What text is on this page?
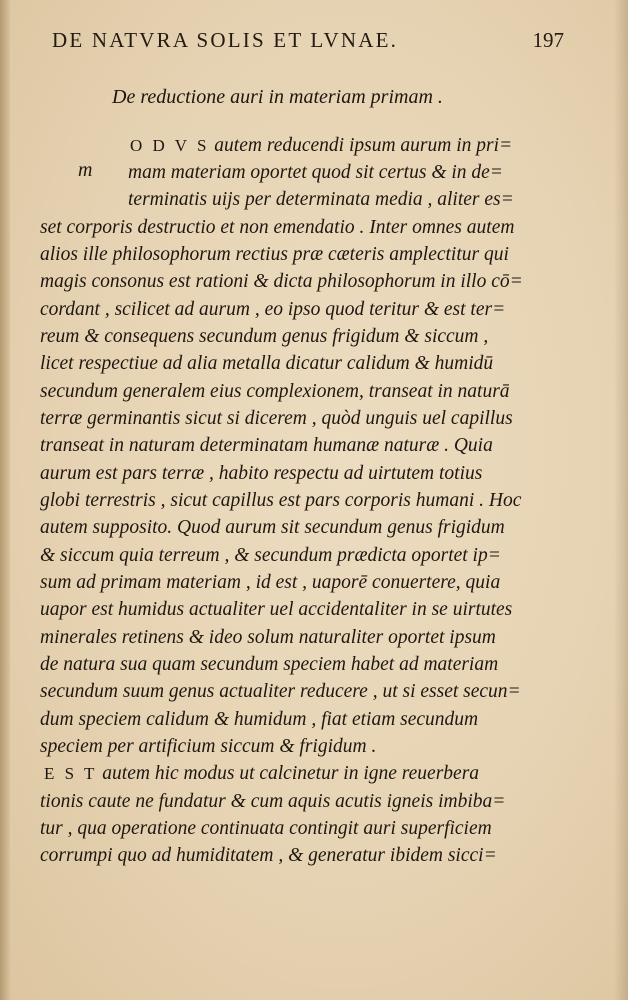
DE NATVRA SOLIS ET LVNAE.	197
De reductione auri in materiam primam .
m
O D V S autem reducendi ipsum aurum in pri=
mam materiam oportet quod sit certus & in de=
terminatis uijs per determinata media , aliter es=
set corporis destructio et non emendatio . Inter omnes autem
alios ille philosophorum rectius præ cæteris amplectitur qui
magis consonus est rationi & dicta philosophorum in illo cō=
cordant , scilicet ad aurum , eo ipso quod teritur & est ter=
reum & consequens secundum genus frigidum & siccum ,
licet respectiue ad alia metalla dicatur calidum & humidū
secundum generalem eius complexionem, transeat in naturā
terræ germinantis sicut si dicerem , quòd unguis uel capillus
transeat in naturam determinatam humanæ naturæ . Quia
aurum est pars terræ , habito respectu ad uirtutem totius
globi terrestris , sicut capillus est pars corporis humani . Hoc
autem supposito. Quod aurum sit secundum genus frigidum
& siccum quia terreum , & secundum prædicta oportet ip=
sum ad primam materiam , id est , uaporē conuertere, quia
uapor est humidus actualiter uel accidentaliter in se uirtutes
minerales retinens & ideo solum naturaliter oportet ipsum
de natura sua quam secundum speciem habet ad materiam
secundum suum genus actualiter reducere , ut si esset secun=
dum speciem calidum & humidum , fiat etiam secundum
speciem per artificium siccum & frigidum .
E S T autem hic modus ut calcinetur in igne reuerbera
tionis caute ne fundatur & cum aquis acutis igneis imbiba=
tur , qua operatione continuata contingit auri superficiem
corrumpi quo ad humiditatem , & generatur ibidem sicci=
